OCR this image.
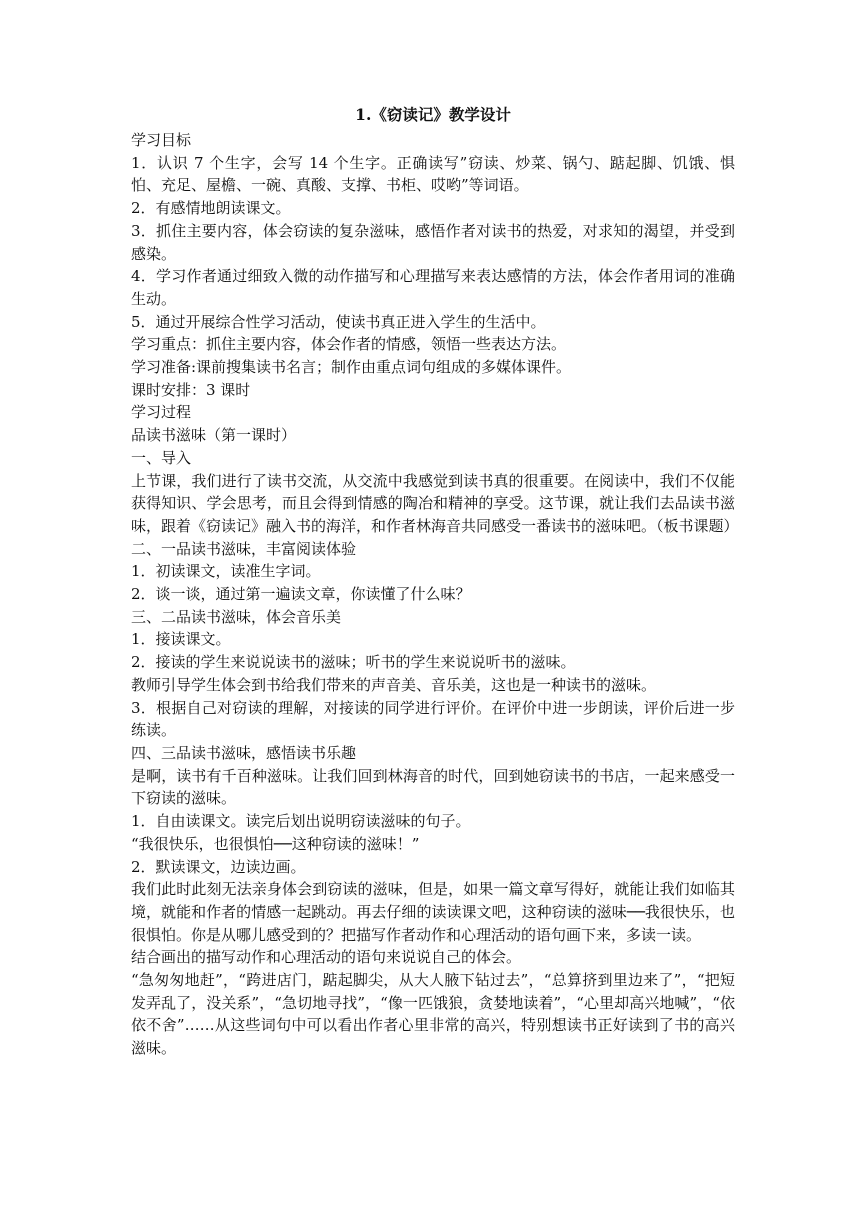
1.《窃读记》教学设计

学习目标

1．认识 7 个生字，会写 14 个生字。正确读写”窃读、炒菜、锅勺、踮起脚、饥饿、惧怕、充足、屋檐、一碗、真酸、支撑、书柜、哎哟”等词语。

2．有感情地朗读课文。

3．抓住主要内容，体会窃读的复杂滋味，感悟作者对读书的热爱，对求知的渴望，并受到感染。

4．学习作者通过细致入微的动作描写和心理描写来表达感情的方法，体会作者用词的准确生动。

5．通过开展综合性学习活动，使读书真正进入学生的生活中。

学习重点：抓住主要内容，体会作者的情感，领悟一些表达方法。

学习准备:课前搜集读书名言；制作由重点词句组成的多媒体课件。

课时安排：3 课时

学习过程

品读书滋味（第一课时）

一、导入

上节课，我们进行了读书交流，从交流中我感觉到读书真的很重要。在阅读中，我们不仅能获得知识、学会思考，而且会得到情感的陶冶和精神的享受。这节课，就让我们去品读书滋味，跟着《窃读记》融入书的海洋，和作者林海音共同感受一番读书的滋味吧。（板书课题）

二、一品读书滋味，丰富阅读体验

1．初读课文，读准生字词。

2．谈一谈，通过第一遍读文章，你读懂了什么味？

三、二品读书滋味，体会音乐美

1．接读课文。

2．接读的学生来说说读书的滋味；听书的学生来说说听书的滋味。

教师引导学生体会到书给我们带来的声音美、音乐美，这也是一种读书的滋味。

3．根据自己对窃读的理解，对接读的同学进行评价。在评价中进一步朗读，评价后进一步练读。

四、三品读书滋味，感悟读书乐趣

是啊，读书有千百种滋味。让我们回到林海音的时代，回到她窃读书的书店，一起来感受一下窃读的滋味。

1．自由读课文。读完后划出说明窃读滋味的句子。

“我很快乐，也很惧怕──这种窃读的滋味！”

2．默读课文，边读边画。

我们此时此刻无法亲身体会到窃读的滋味，但是，如果一篇文章写得好，就能让我们如临其境，就能和作者的情感一起跳动。再去仔细的读读课文吧，这种窃读的滋味──我很快乐，也很惧怕。你是从哪儿感受到的？把描写作者动作和心理活动的语句画下来，多读一读。

结合画出的描写动作和心理活动的语句来说说自己的体会。

“急匆匆地赶”，“跨进店门，踮起脚尖，从大人腋下钻过去”，“总算挤到里边来了”，“把短发弄乱了，没关系”，“急切地寻找”，“像一匹饿狼，贪婪地读着”，“心里却高兴地喊”，“依依不舍”……从这些词句中可以看出作者心里非常的高兴，特别想读书正好读到了书的高兴滋味。
